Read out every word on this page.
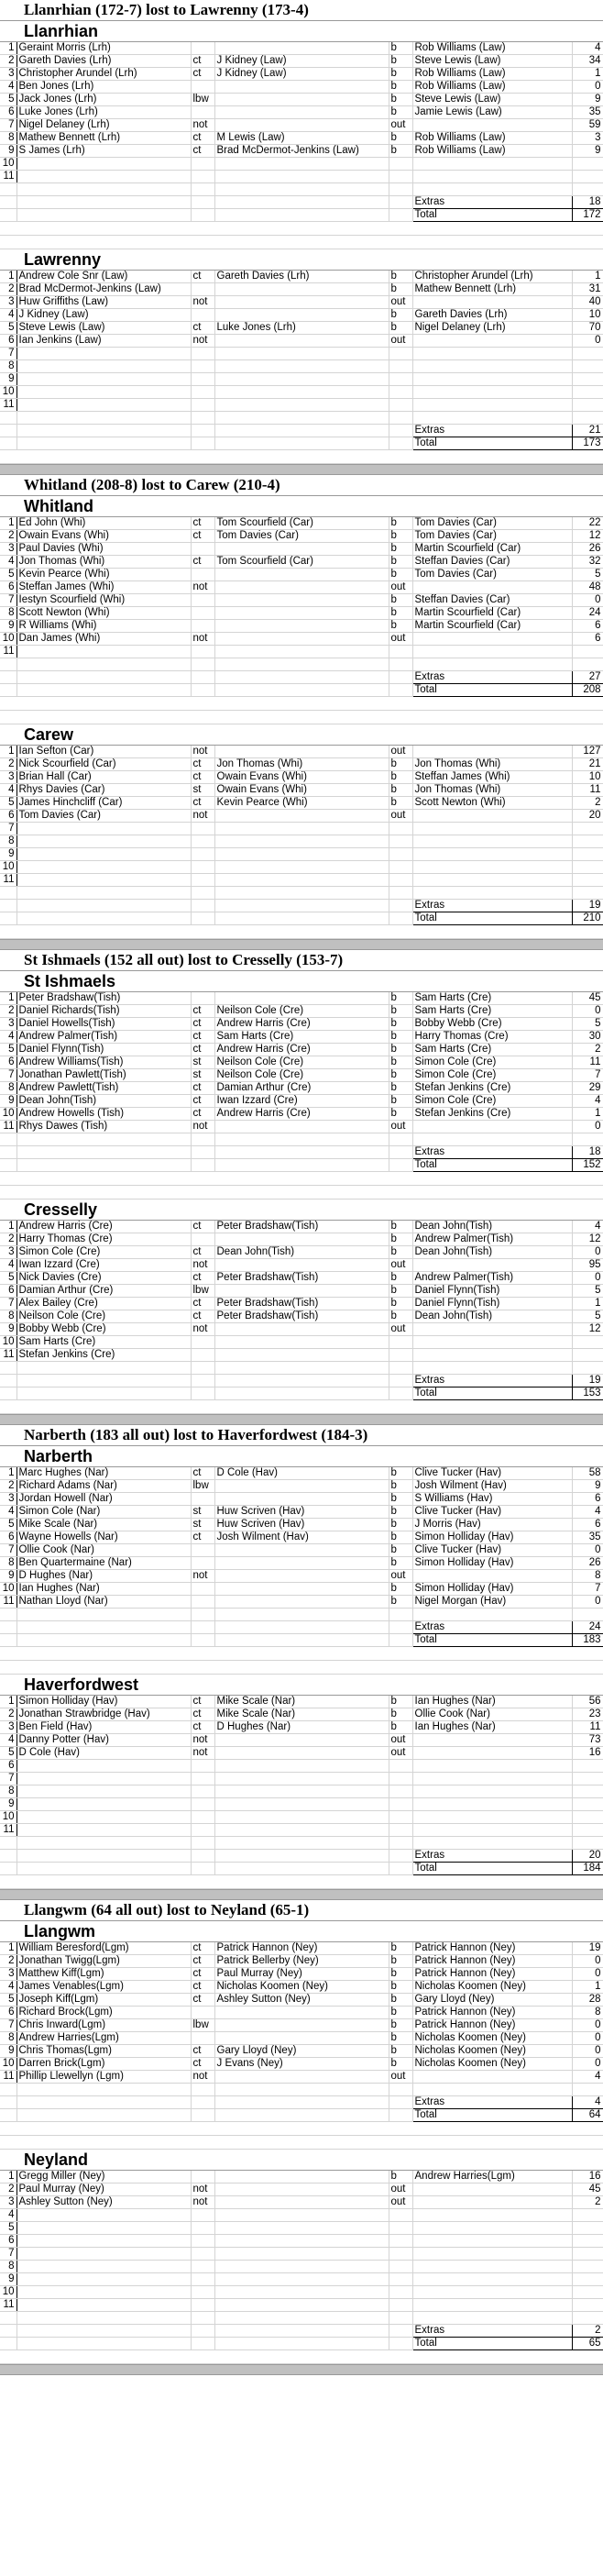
Llanrhian (172-7) lost to Lawrenny (173-4)
Llanrhian
1	Geraint Morris (Lrh)			b	Rob Williams (Law)	4
2	Gareth Davies (Lrh)	ct	J Kidney (Law)	b	Steve Lewis (Law)	34
3	Christopher Arundel (Lrh)	ct	J Kidney (Law)	b	Rob Williams (Law)	1
4	Ben Jones (Lrh)			b	Rob Williams (Law)	0
5	Jack Jones (Lrh)	lbw		b	Steve Lewis (Law)	9
6	Luke Jones (Lrh)			b	Jamie Lewis (Law)	35
7	Nigel Delaney (Lrh)	not		out		59
8	Mathew Bennett (Lrh)	ct	M Lewis (Law)	b	Rob Williams (Law)	3
9	S James (Lrh)	ct	Brad McDermot-Jenkins (Law)	b	Rob Williams (Law)	9
10						
11						

					Extras	18
					Total	172
Lawrenny
1	Andrew Cole Snr (Law)	ct	Gareth Davies (Lrh)	b	Christopher Arundel (Lrh)	1
2	Brad McDermot-Jenkins (Law)			b	Mathew Bennett (Lrh)	31
3	Huw Griffiths (Law)	not		out		40
4	J Kidney (Law)			b	Gareth Davies (Lrh)	10
5	Steve Lewis (Law)	ct	Luke Jones (Lrh)	b	Nigel Delaney (Lrh)	70
6	Ian Jenkins (Law)	not		out		0
7						
8						
9						
10						
11						

					Extras	21
					Total	173
Whitland (208-8) lost to Carew (210-4)
Whitland
1	Ed John (Whi)	ct	Tom Scourfield (Car)	b	Tom Davies (Car)	22
2	Owain Evans (Whi)	ct	Tom Davies (Car)	b	Tom Davies (Car)	12
3	Paul Davies (Whi)			b	Martin Scourfield (Car)	26
4	Jon Thomas (Whi)	ct	Tom Scourfield (Car)	b	Steffan Davies (Car)	32
5	Kevin Pearce (Whi)			b	Tom Davies (Car)	5
6	Steffan James (Whi)	not		out		48
7	Iestyn Scourfield (Whi)			b	Steffan Davies (Car)	0
8	Scott Newton (Whi)			b	Martin Scourfield (Car)	24
9	R Williams (Whi)			b	Martin Scourfield (Car)	6
10	Dan James (Whi)	not		out		6
11						

					Extras	27
					Total	208
Carew
1	Ian Sefton (Car)	not		out		127
2	Nick Scourfield (Car)	ct	Jon Thomas (Whi)	b	Jon Thomas (Whi)	21
3	Brian Hall (Car)	ct	Owain Evans (Whi)	b	Steffan James (Whi)	10
4	Rhys Davies (Car)	st	Owain Evans (Whi)	b	Jon Thomas (Whi)	11
5	James Hinchcliff (Car)	ct	Kevin Pearce (Whi)	b	Scott Newton (Whi)	2
6	Tom Davies (Car)	not		out		20
7						
8						
9						
10						
11						

					Extras	19
					Total	210
St Ishmaels (152 all out) lost to Cresselly (153-7)
St Ishmaels
1	Peter Bradshaw(Tish)			b	Sam Harts (Cre)	45
2	Daniel Richards(Tish)	ct	Neilson Cole (Cre)	b	Sam Harts (Cre)	0
3	Daniel Howells(Tish)	ct	Andrew Harris (Cre)	b	Bobby Webb (Cre)	5
4	Andrew Palmer(Tish)	ct	Sam Harts (Cre)	b	Harry Thomas (Cre)	30
5	Daniel Flynn(Tish)	ct	Andrew Harris (Cre)	b	Sam Harts (Cre)	2
6	Andrew Williams(Tish)	st	Neilson Cole (Cre)	b	Simon Cole (Cre)	11
7	Jonathan Pawlett(Tish)	st	Neilson Cole (Cre)	b	Simon Cole (Cre)	7
8	Andrew Pawlett(Tish)	ct	Damian Arthur (Cre)	b	Stefan Jenkins (Cre)	29
9	Dean John(Tish)	ct	Iwan Izzard (Cre)	b	Simon Cole (Cre)	4
10	Andrew Howells (Tish)	ct	Andrew Harris (Cre)	b	Stefan Jenkins (Cre)	1
11	Rhys Dawes (Tish)	not		out		0

					Extras	18
					Total	152
Cresselly
1	Andrew Harris (Cre)	ct	Peter Bradshaw(Tish)	b	Dean John(Tish)	4
2	Harry Thomas (Cre)			b	Andrew Palmer(Tish)	12
3	Simon Cole (Cre)	ct	Dean John(Tish)	b	Dean John(Tish)	0
4	Iwan Izzard (Cre)	not		out		95
5	Nick Davies (Cre)	ct	Peter Bradshaw(Tish)	b	Andrew Palmer(Tish)	0
6	Damian Arthur (Cre)	lbw		b	Daniel Flynn(Tish)	5
7	Alex Bailey (Cre)	ct	Peter Bradshaw(Tish)	b	Daniel Flynn(Tish)	1
8	Neilson Cole (Cre)	ct	Peter Bradshaw(Tish)	b	Dean John(Tish)	5
9	Bobby Webb (Cre)	not		out		12
10	Sam Harts (Cre)					
11	Stefan Jenkins (Cre)					

					Extras	19
					Total	153
Narberth (183 all out) lost to Haverfordwest (184-3)
Narberth
1	Marc Hughes (Nar)	ct	D Cole (Hav)	b	Clive Tucker (Hav)	58
2	Richard Adams (Nar)	lbw		b	Josh Wilment (Hav)	9
3	Jordan Howell (Nar)			b	S Williams (Hav)	6
4	Simon Cole (Nar)	st	Huw Scriven (Hav)	b	Clive Tucker (Hav)	4
5	Mike Scale (Nar)	st	Huw Scriven (Hav)	b	J Morris (Hav)	6
6	Wayne Howells (Nar)	ct	Josh Wilment (Hav)	b	Simon Holliday (Hav)	35
7	Ollie Cook (Nar)			b	Clive Tucker (Hav)	0
8	Ben Quartermaine (Nar)			b	Simon Holliday (Hav)	26
9	D Hughes (Nar)	not		out		8
10	Ian Hughes (Nar)			b	Simon Holliday (Hav)	7
11	Nathan Lloyd (Nar)			b	Nigel Morgan (Hav)	0

					Extras	24
					Total	183
Haverfordwest
1	Simon Holliday (Hav)	ct	Mike Scale (Nar)	b	Ian Hughes (Nar)	56
2	Jonathan Strawbridge (Hav)	ct	Mike Scale (Nar)	b	Ollie Cook (Nar)	23
3	Ben Field (Hav)	ct	D Hughes (Nar)	b	Ian Hughes (Nar)	11
4	Danny Potter (Hav)	not		out		73
5	D Cole (Hav)	not		out		16
6						
7						
8						
9						
10						
11						

					Extras	20
					Total	184
Llangwm (64 all out) lost to Neyland (65-1)
Llangwm
1	William Beresford(Lgm)	ct	Patrick Hannon (Ney)	b	Patrick Hannon (Ney)	19
2	Jonathan Twigg(Lgm)	ct	Patrick Bellerby (Ney)	b	Patrick Hannon (Ney)	0
3	Matthew Kiff(Lgm)	ct	Paul Murray (Ney)	b	Patrick Hannon (Ney)	0
4	James Venables(Lgm)	ct	Nicholas Koomen (Ney)	b	Nicholas Koomen (Ney)	1
5	Joseph Kiff(Lgm)	ct	Ashley Sutton (Ney)	b	Gary Lloyd (Ney)	28
6	Richard Brock(Lgm)			b	Patrick Hannon (Ney)	8
7	Chris Inward(Lgm)	lbw		b	Patrick Hannon (Ney)	0
8	Andrew Harries(Lgm)			b	Nicholas Koomen (Ney)	0
9	Chris Thomas(Lgm)	ct	Gary Lloyd (Ney)	b	Nicholas Koomen (Ney)	0
10	Darren Brick(Lgm)	ct	J Evans (Ney)	b	Nicholas Koomen (Ney)	0
11	Phillip Llewellyn (Lgm)	not		out		4

					Extras	4
					Total	64
Neyland
1	Gregg Miller (Ney)			b	Andrew Harries(Lgm)	16
2	Paul Murray (Ney)	not		out		45
3	Ashley Sutton (Ney)	not		out		2
4						
5						
6						
7						
8						
9						
10						
11						

					Extras	2
					Total	65
